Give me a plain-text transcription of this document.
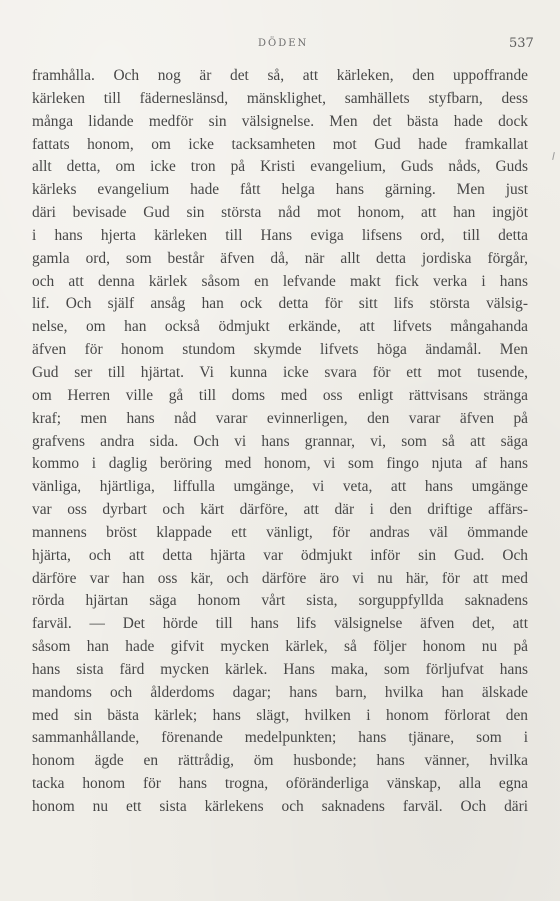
DÖDEN	537
framhålla. Och nog är det så, att kärleken, den uppoffrande
kärleken till fäderneslänsd, mänsklighet, samhällets styfbarn, dess
många lidande medför sin välsignelse. Men det bästa hade dock
fattats honom, om icke tacksamheten mot Gud hade framkallat
allt detta, om icke tron på Kristi evangelium, Guds nåds, Guds
kärleks evangelium hade fått helga hans gärning. Men just
däri bevisade Gud sin största nåd mot honom, att han ingjöt
i hans hjerta kärleken till Hans eviga lifsens ord, till detta
gamla ord, som består äfven då, när allt detta jordiska förgår,
och att denna kärlek såsom en lefvande makt fick verka i hans
lif. Och själf ansåg han ock detta för sitt lifs största välsig-
nelse, om han också ödmjukt erkände, att lifvets mångahanda
äfven för honom stundom skymde lifvets höga ändamål. Men
Gud ser till hjärtat. Vi kunna icke svara för ett mot tusende,
om Herren ville gå till doms med oss enligt rättvisans stränga
kraf; men hans nåd varar evinnerligen, den varar äfven på
grafvens andra sida. Och vi hans grannar, vi, som så att säga
kommo i daglig beröring med honom, vi som fingo njuta af hans
vänliga, hjärtliga, liffulla umgänge, vi veta, att hans umgänge
var oss dyrbart och kärt därföre, att där i den driftige affärs-
mannens bröst klappade ett vänligt, för andras väl ömmande
hjärta, och att detta hjärta var ödmjukt inför sin Gud. Och
därföre var han oss kär, och därföre äro vi nu här, för att med
rörda hjärtan säga honom vårt sista, sorguppfyllda saknadens
farväl. — Det hörde till hans lifs välsignelse äfven det, att
såsom han hade gifvit mycken kärlek, så följer honom nu på
hans sista färd mycken kärlek. Hans maka, som förljufvat hans
mandoms och ålderdoms dagar; hans barn, hvilka han älskade
med sin bästa kärlek; hans slägt, hvilken i honom förlorat den
sammanhållande, förenande medelpunkten; hans tjänare, som i
honom ägde en rättrådig, öm husbonde; hans vänner, hvilka
tacka honom för hans trogna, oföränderliga vänskap, alla egna
honom nu ett sista kärlekens och saknadens farväl. Och däri
